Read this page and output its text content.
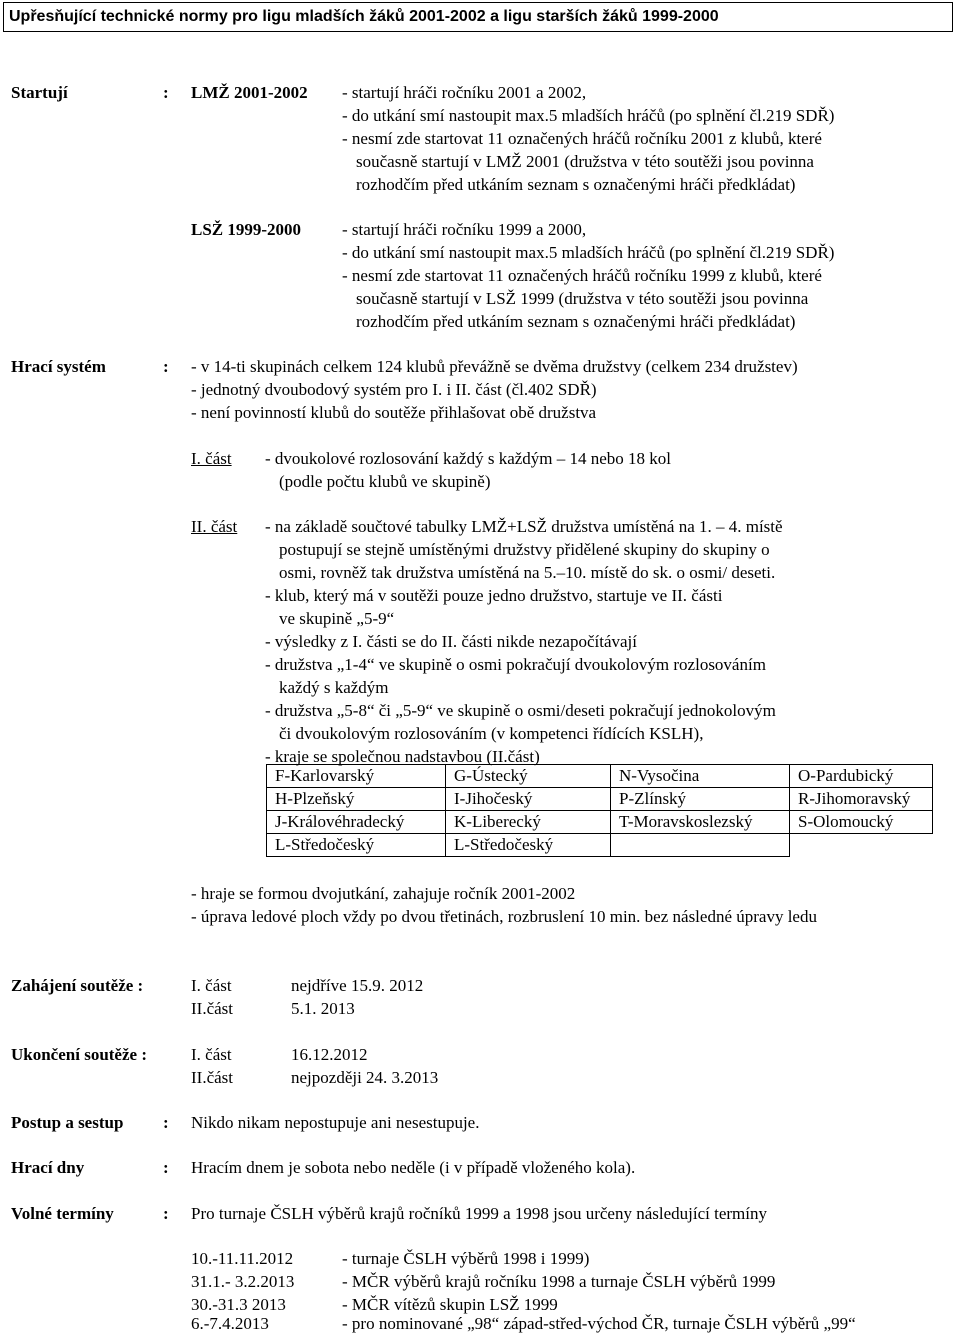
Upřesňující technické normy pro ligu mladších žáků 2001-2002 a ligu starších žáků 1999-2000
Startují	: LMŽ 2001-2002 - startují hráči ročníku 2001 a 2002,
- do utkání smí nastoupit max.5 mladších hráčů (po splnění čl.219 SDŘ)
- nesmí zde startovat 11 označených hráčů ročníku 2001 z klubů, které
současně startují v LMŽ 2001 (družstva v této soutěži jsou povinna
rozhodčím před utkáním seznam s označenými hráči předkládat)
LSŽ 1999-2000 - startují hráči ročníku 1999 a 2000,
- do utkání smí nastoupit max.5 mladších hráčů (po splnění čl.219 SDŘ)
- nesmí zde startovat 11 označených hráčů ročníku 1999 z klubů, které
současně startují v LSŽ 1999 (družstva v této soutěži jsou povinna
rozhodčím před utkáním seznam s označenými hráči předkládat)
Hrací systém	: - v 14-ti skupinách celkem 124 klubů převážně se dvěma družstvy (celkem 234 družstev)
- jednotný dvoubodový systém pro I. i II. část (čl.402 SDŘ)
- není povinností klubů do soutěže přihlašovat obě družstva
I. část - dvoukolové rozlosování každý s každým – 14 nebo 18 kol
(podle počtu klubů ve skupině)
II. část - na základě součtové tabulky LMŽ+LSŽ družstva umístěná na 1. – 4. místě
postupují se stejně umístěnými družstvy přidělené skupiny do skupiny o
osmi, rovněž tak družstva umístěná na 5.–10. místě do sk. o osmi/ deseti.
- klub, který má v soutěži pouze jedno družstvo, startuje ve II. části
ve skupině „5-9“
- výsledky z I. části se do II. části nikde nezapočítávají
- družstva „1-4“ ve skupině o osmi pokračují dvoukolovým rozlosováním
každý s každým
- družstva „5-8“ či „5-9“ ve skupině o osmi/deseti pokračují jednokolovým
či dvoukolovým rozlosováním (v kompetenci řídících KSLH),
- kraje se společnou nadstavbou (II.část)
F-Karlovarský	G-Ústecký	N-Vysočina	O-Pardubický
H-Plzeňský	I-Jihočeský	P-Zlínský	R-Jihomoravský
J-Královéhradecký	K-Liberecký	T-Moravskoslezský	S-Olomoucký
L-Středočeský	L-Středočeský		
- hraje se formou dvojutkání, zahajuje ročník 2001-2002
- úprava ledové ploch vždy po dvou třetinách, rozbruslení 10 min. bez následné úpravy ledu
Zahájení soutěže :	I. část	nejdříve 15.9. 2012
II.část	5.1. 2013
Ukončení soutěže :	I. část	16.12.2012
II.část	nejpozději 24. 3.2013
Postup a sestup : Nikdo nikam nepostupuje ani nesestupuje.
Hrací dny	: Hracím dnem je sobota nebo neděle (i v případě vloženého kola).
Volné termíny	: Pro turnaje ČSLH výběrů krajů ročníků 1999 a 1998 jsou určeny následující termíny
10.-11.11.2012	- turnaje ČSLH výběrů 1998 i 1999)
31.1.- 3.2.2013	- MČR výběrů krajů ročníku 1998 a turnaje ČSLH výběrů 1999
30.-31.3 2013	- MČR vítězů skupin LSŽ 1999
6.-7.4.2013	- pro nominované „98“ západ-střed-východ ČR, turnaje ČSLH výběrů „99“
